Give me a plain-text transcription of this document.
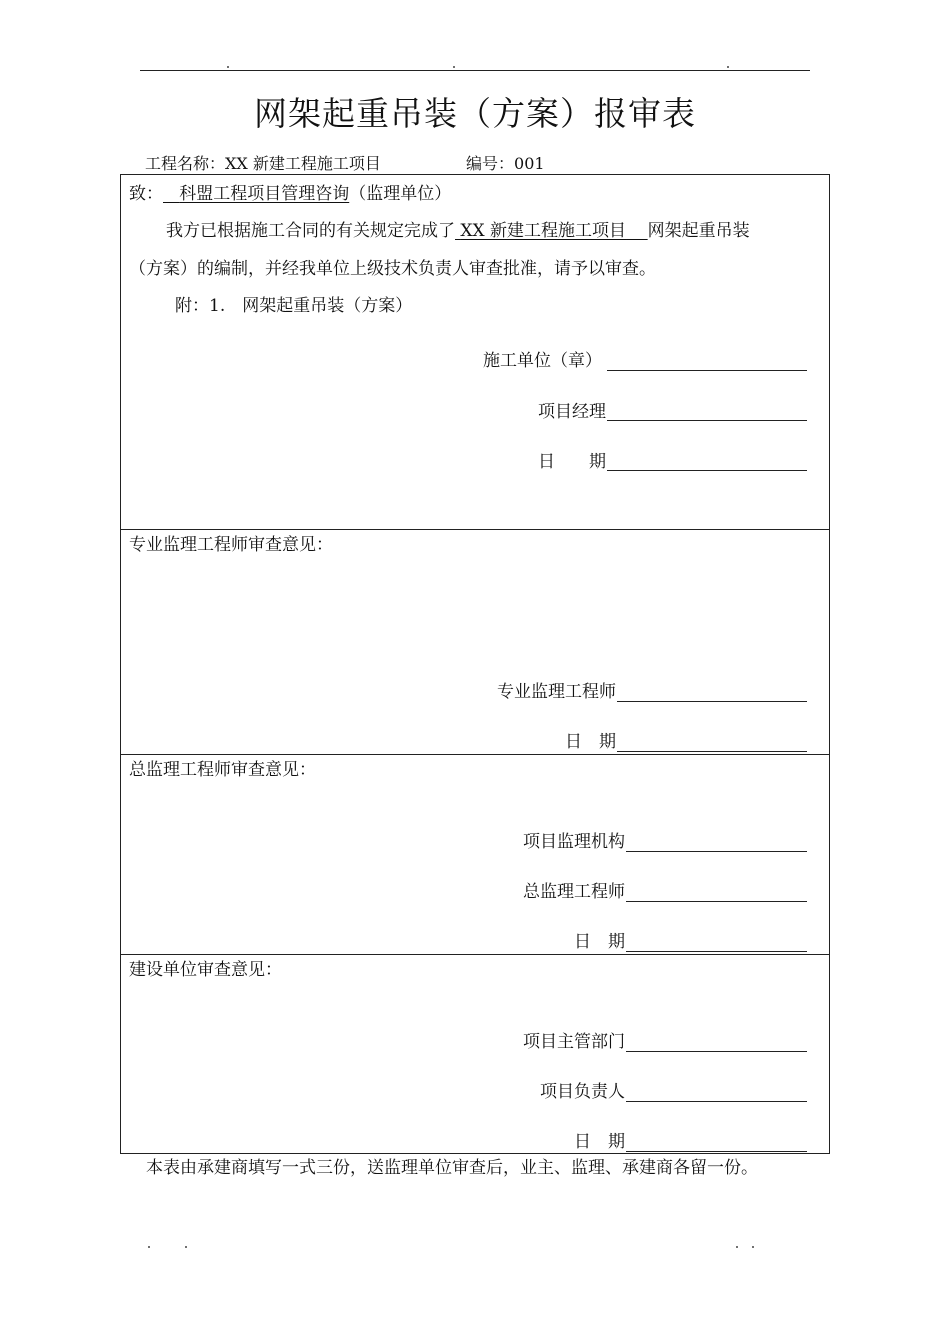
网架起重吊装（方案）报审表
工程名称：XX 新建工程施工项目	编号：001
致： 科盟工程项目管理咨询（监理单位）
我方已根据施工合同的有关规定完成了 XX 新建工程施工项目 网架起重吊装
（方案）的编制，并经我单位上级技术负责人审查批准，请予以审查。
附：1.　网架起重吊装（方案）
施工单位（章）
项目经理
日　　期
专业监理工程师审查意见：
专业监理工程师
日　期
总监理工程师审查意见：
项目监理机构
总监理工程师
日　期
建设单位审查意见：
项目主管部门
项目负责人
日　期
本表由承建商填写一式三份，送监理单位审查后，业主、监理、承建商各留一份。
